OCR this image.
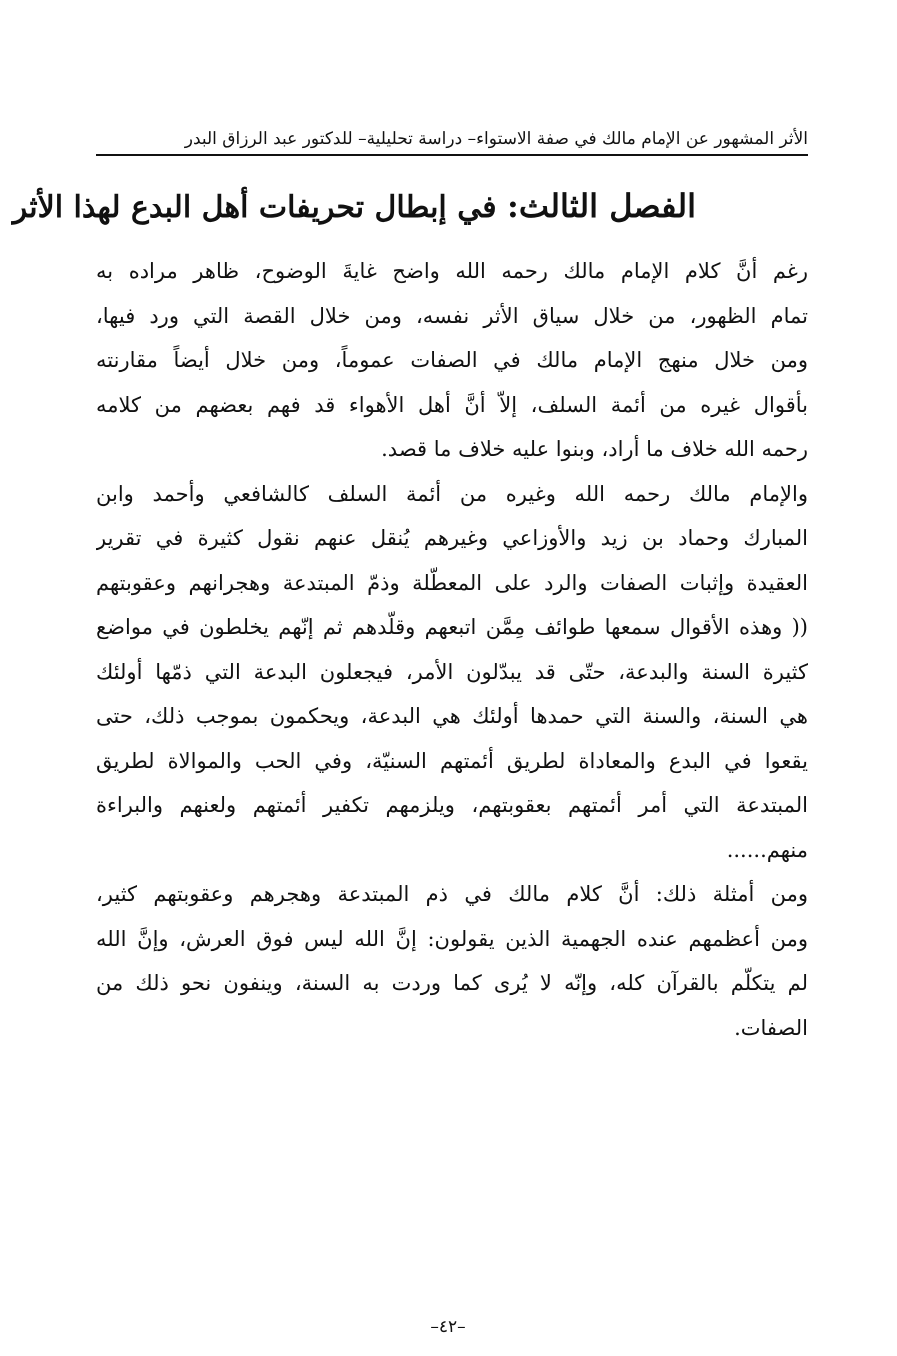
الأثر المشهور عن الإمام مالك في صفة الاستواء– دراسة تحليلية– للدكتور عبد الرزاق البدر
الفصل الثالث: في إبطال تحريفات أهل البدع لهذا الأثر

رغم أنَّ كلام الإمام مالك رحمه الله واضح غايةَ الوضوح، ظاهر مراده به
تمام الظهور، من خلال سياق الأثر نفسه، ومن خلال القصة التي ورد فيها،
ومن خلال منهج الإمام مالك في الصفات عموماً، ومن خلال أيضاً مقارنته
بأقوال غيره من أئمة السلف، إلاّ أنَّ أهل الأهواء قد فهم بعضهم من كلامه
رحمه الله خلاف ما أراد، وبنوا عليه خلاف ما قصد.

والإمام مالك رحمه الله وغيره من أئمة السلف كالشافعي وأحمد وابن
المبارك وحماد بن زيد والأوزاعي وغيرهم يُنقل عنهم نقول كثيرة في تقرير
العقيدة وإثبات الصفات والرد على المعطّلة وذمّ المبتدعة وهجرانهم وعقوبتهم
(( وهذه الأقوال سمعها طوائف مِمَّن اتبعهم وقلّدهم ثم إنّهم يخلطون في مواضع
كثيرة السنة والبدعة، حتّى قد يبدّلون الأمر، فيجعلون البدعة التي ذمّها أولئك
هي السنة، والسنة التي حمدها أولئك هي البدعة، ويحكمون بموجب ذلك، حتى
يقعوا في البدع والمعاداة لطريق أئمتهم السنيّة، وفي الحب والموالاة لطريق
المبتدعة التي أمر أئمتهم بعقوبتهم، ويلزمهم تكفير أئمتهم ولعنهم والبراءة
منهم......

ومن أمثلة ذلك: أنَّ كلام مالك في ذم المبتدعة وهجرهم وعقوبتهم كثير،
ومن أعظمهم عنده الجهمية الذين يقولون: إنَّ الله ليس فوق العرش، وإنَّ الله
لم يتكلّم بالقرآن كله، وإنّه لا يُرى كما وردت به السنة، وينفون نحو ذلك من
الصفات.

–٤٢–
